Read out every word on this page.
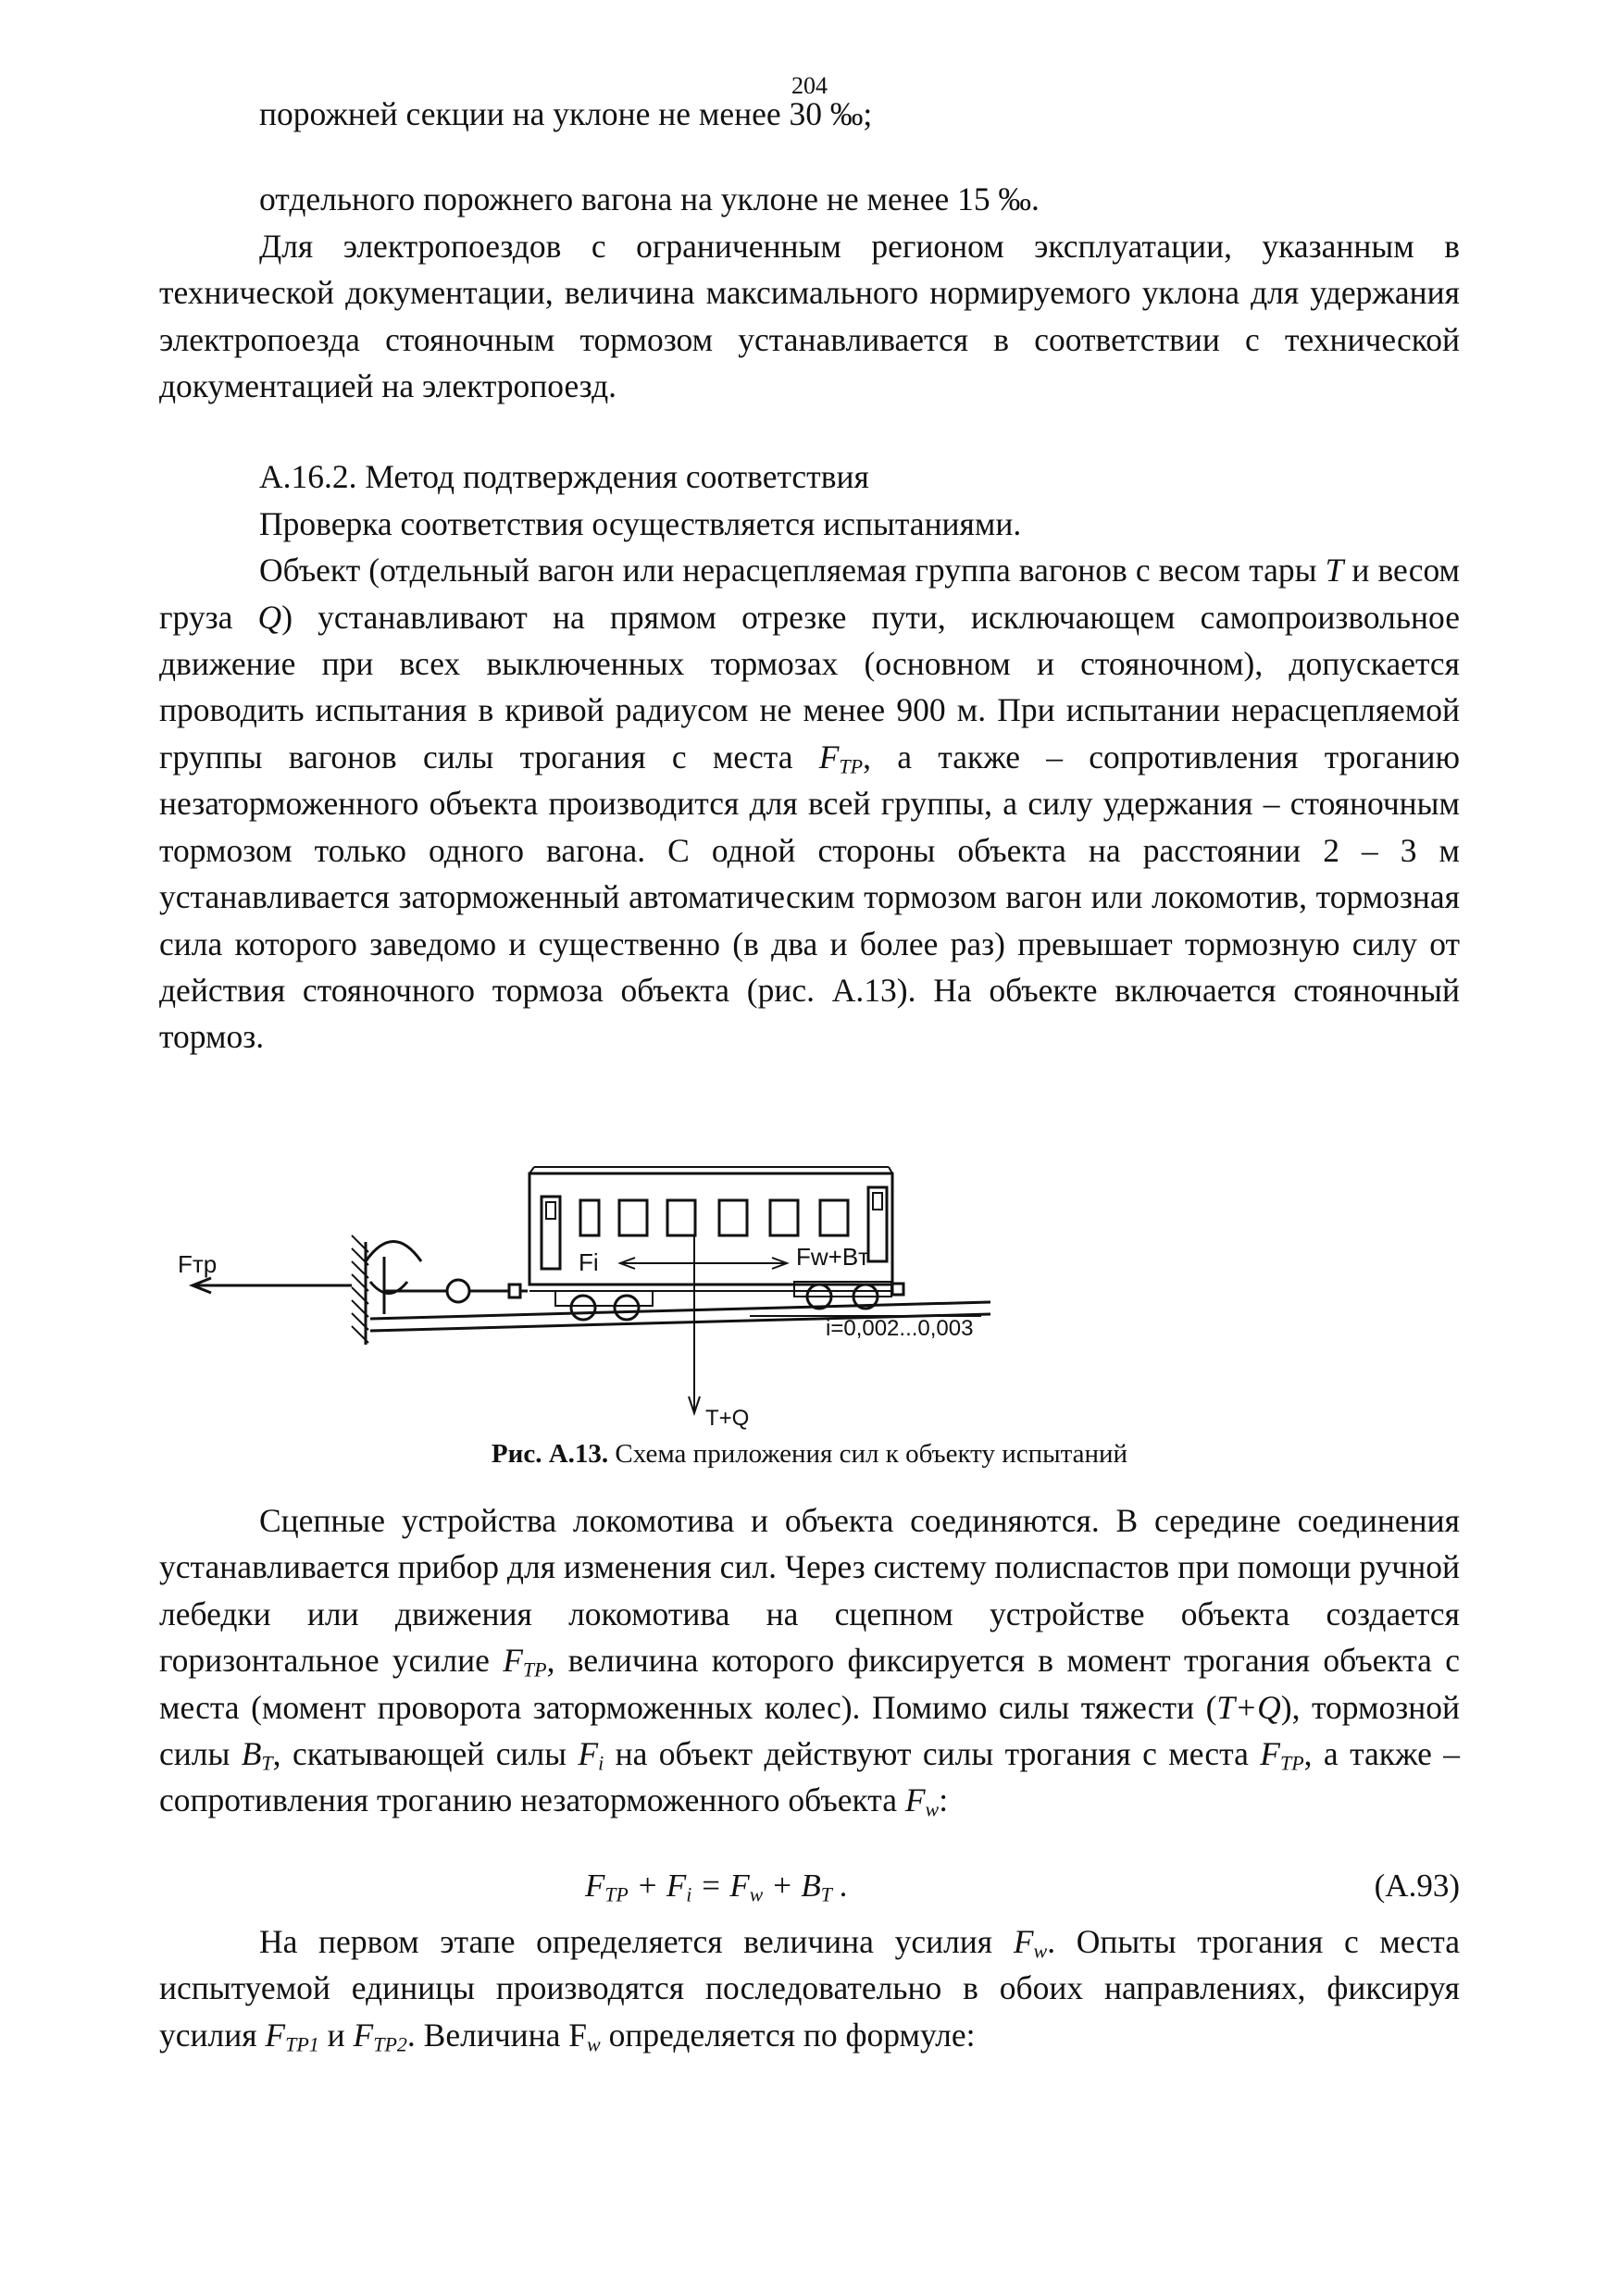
204

порожней секции на уклоне не менее 30 ‰;

отдельного порожнего вагона на уклоне не менее 15 ‰.

Для электропоездов с ограниченным регионом эксплуатации, указанным в технической документации, величина максимального нормируемого уклона для удержания электропоезда стояночным тормозом устанавливается в соответствии с технической документацией на электропоезд.

А.16.2. Метод подтверждения соответствия

Проверка соответствия осуществляется испытаниями.

Объект (отдельный вагон или нерасцепляемая группа вагонов с весом тары T и весом груза Q) устанавливают на прямом отрезке пути, исключающем самопроизвольное движение при всех выключенных тормозах (основном и стояночном), допускается проводить испытания в кривой радиусом не менее 900 м. При испытании нерасцепляемой группы вагонов силы трогания с места $F_{ТР}$, а также – сопротивления троганию незаторможенного объекта производится для всей группы, а силу удержания – стояночным тормозом только одного вагона. С одной стороны объекта на расстоянии 2 – 3 м устанавливается заторможенный автоматическим тормозом вагон или локомотив, тормозная сила которого заведомо и существенно (в два и более раз) превышает тормозную силу от действия стояночного тормоза объекта (рис. А.13). На объекте включается стояночный тормоз.

Fтр	Fi	Fw+Bт
i=0,002...0,003
T+Q
Рис. А.13. Схема приложения сил к объекту испытаний

Сцепные устройства локомотива и объекта соединяются. В середине соединения устанавливается прибор для изменения сил. Через систему полиспастов при помощи ручной лебедки или движения локомотива на сцепном устройстве объекта создается горизонтальное усилие $F_{ТР}$, величина которого фиксируется в момент трогания объекта с места (момент проворота заторможенных колес). Помимо силы тяжести (T+Q), тормозной силы $B_Т$, скатывающей силы $F_i$ на объект действуют силы трогания с места $F_{ТР}$, а также – сопротивления троганию незаторможенного объекта $F_w$:

$F_{ТР} + F_i = F_w + B_Т$ .	(А.93)

На первом этапе определяется величина усилия $F_w$. Опыты трогания с места испытуемой единицы производятся последовательно в обоих направлениях, фиксируя усилия $F_{ТР1}$ и $F_{ТР2}$. Величина $F_w$ определяется по формуле:
